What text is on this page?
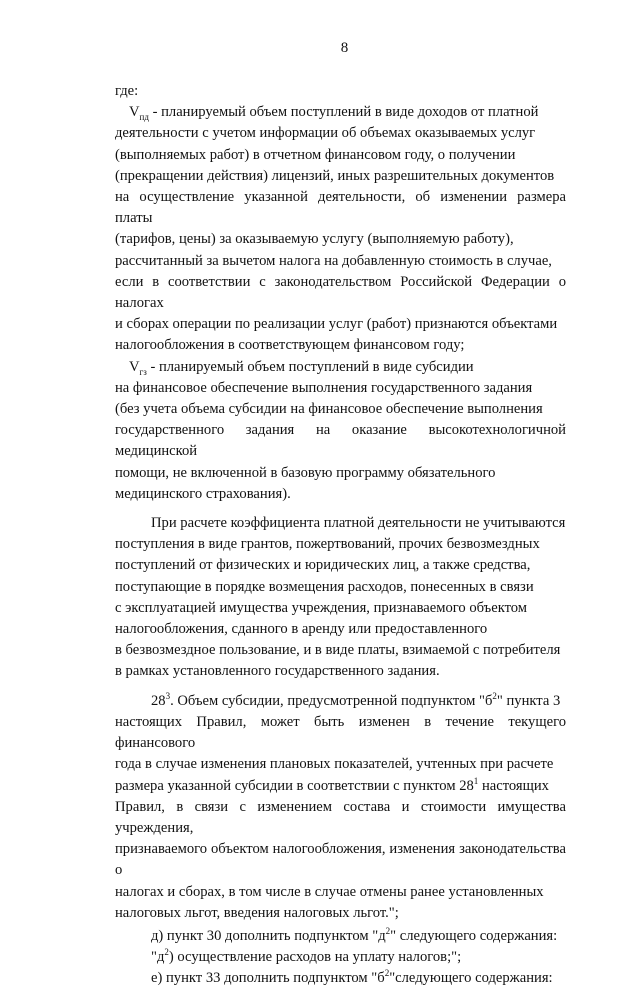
8

где:

$V_{пд}$ - планируемый объем поступлений в виде доходов от платной

деятельности с учетом информации об объемах оказываемых услуг

(выполняемых работ) в отчетном финансовом году, о получении

(прекращении действия) лицензий, иных разрешительных документов

на осуществление указанной деятельности, об изменении размера платы

(тарифов, цены) за оказываемую услугу (выполняемую работу),

рассчитанный за вычетом налога на добавленную стоимость в случае,

если в соответствии с законодательством Российской Федерации о налогах

и сборах операции по реализации услуг (работ) признаются объектами

налогообложения в соответствующем финансовом году;

$V_{гз}$ - планируемый объем поступлений в виде субсидии

на финансовое обеспечение выполнения государственного задания

(без учета объема субсидии на финансовое обеспечение выполнения

государственного задания на оказание высокотехнологичной медицинской

помощи, не включенной в базовую программу обязательного

медицинского страхования).

При расчете коэффициента платной деятельности не учитываются

поступления в виде грантов, пожертвований, прочих безвозмездных

поступлений от физических и юридических лиц, а также средства,

поступающие в порядке возмещения расходов, понесенных в связи

с эксплуатацией имущества учреждения, признаваемого объектом

налогообложения, сданного в аренду или предоставленного

в безвозмездное пользование, и в виде платы, взимаемой с потребителя

в рамках установленного государственного задания.

$28^3$. Объем субсидии, предусмотренной подпунктом "$б^2$" пункта 3

настоящих Правил, может быть изменен в течение текущего финансового

года в случае изменения плановых показателей, учтенных при расчете

размера указанной субсидии в соответствии с пунктом $28^1$ настоящих

Правил, в связи с изменением состава и стоимости имущества учреждения,

признаваемого объектом налогообложения, изменения законодательства о

налогах и сборах, в том числе в случае отмены ранее установленных

налоговых льгот, введения налоговых льгот.";

д) пункт 30 дополнить подпунктом "$д^2$" следующего содержания:

"$д^2$) осуществление расходов на уплату налогов;";

е) пункт 33 дополнить подпунктом "$б^2"следующего$ содержания:
